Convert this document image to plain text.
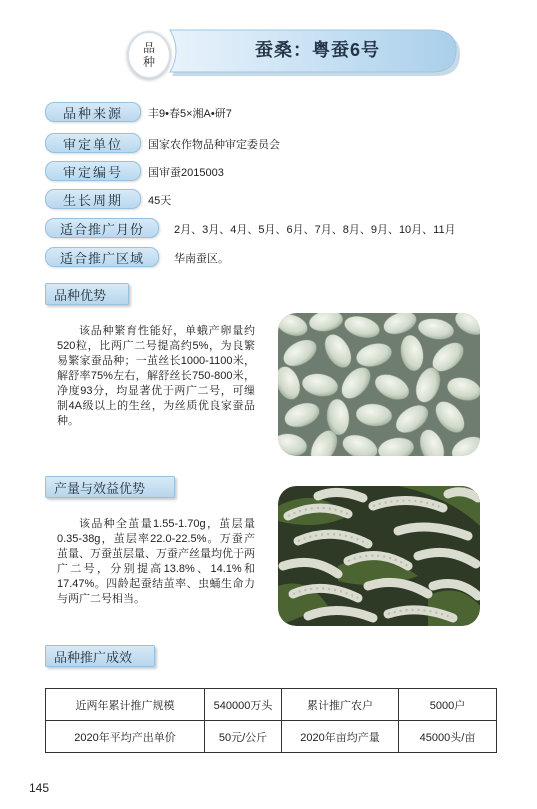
品种
蚕桑：粤蚕6号
品种来源	丰9•春5×湘A•研7
审定单位	国家农作物品种审定委员会
审定编号	国审蚕2015003
生长周期	45天
适合推广月份	2月、3月、4月、5月、6月、7月、8月、9月、10月、11月
适合推广区域	华南蚕区。
品种优势

该品种繁育性能好，单蛾产卵量约520粒，比两广二号提高约5%，为良繁易繁家蚕品种；一茧丝长1000-1100米，解舒率75%左右，解舒丝长750-800米，净度93分，均显著优于两广二号，可缫制4A级以上的生丝，为丝质优良家蚕品种。

产量与效益优势

该品种全茧量1.55-1.70g，茧层量0.35-38g，茧层率22.0-22.5%。万蚕产茧量、万蚕茧层量、万蚕产丝量均优于两广二号，分别提高13.8%、14.1%和17.47%。四龄起蚕结茧率、虫蛹生命力与两广二号相当。

品种推广成效
近两年累计推广规模	540000万头	累计推广农户	5000户
2020年平均产出单价	50元/公斤	2020年亩均产量	45000头/亩
145
